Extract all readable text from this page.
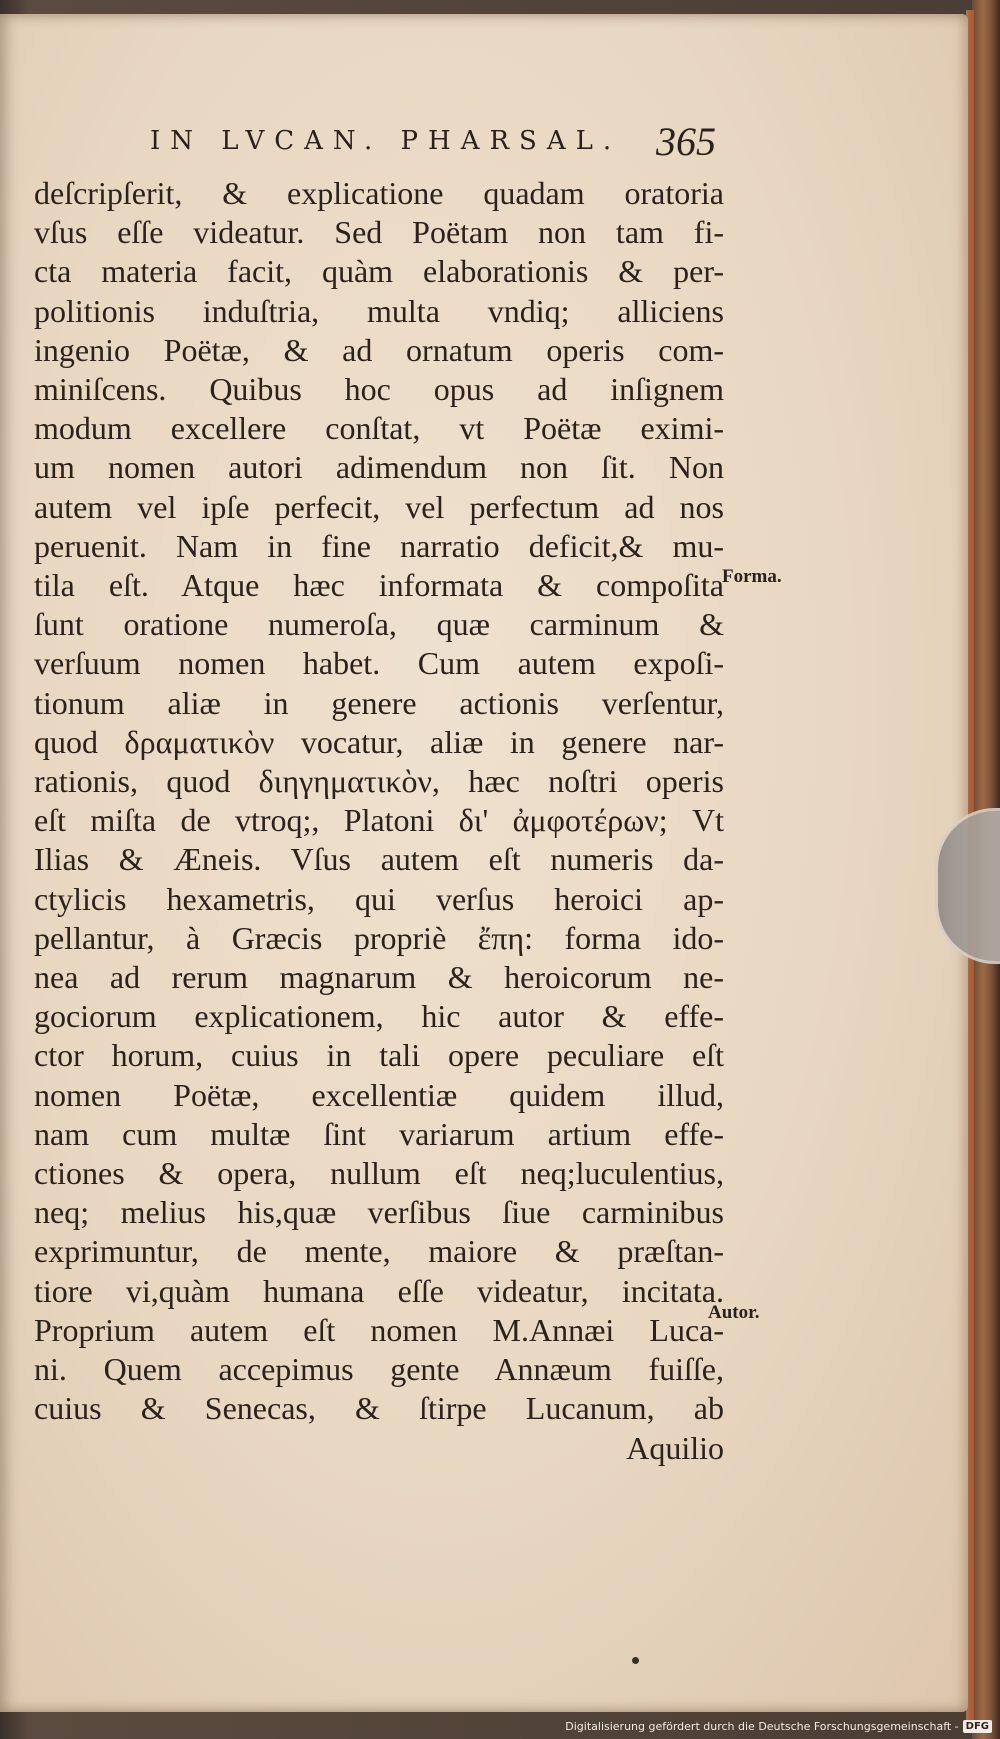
IN LVCAN. PHARSAL. 365
deſcripſerit, & explicatione quadam oratoria
vſus eſſe videatur. Sed Poëtam non tam fi-
cta materia facit, quàm elaborationis & per-
politionis induſtria, multa vndiq; alliciens
ingenio Poëtæ, & ad ornatum operis com-
miniſcens. Quibus hoc opus ad inſignem
modum excellere conſtat, vt Poëtæ eximi-
um nomen autori adimendum non ſit. Non
autem vel ipſe perfecit, vel perfectum ad nos
peruenit. Nam in fine narratio deficit,& mu-
tila eſt. Atque hæc informata & compoſita
ſunt oratione numeroſa, quæ carminum &
verſuum nomen habet. Cum autem expoſi-
tionum aliæ in genere actionis verſentur,
quod δραματικὸν vocatur, aliæ in genere nar-
rationis, quod διηγηματικὸν, hæc noſtri operis
eſt miſta de vtroq;, Platoni δι' ἀμφοτέρων; Vt
Ilias & Æneis. Vſus autem eſt numeris da-
ctylicis hexametris, qui verſus heroici ap-
pellantur, à Græcis propriè ἔπη: forma ido-
nea ad rerum magnarum & heroicorum ne-
gociorum explicationem, hic autor & effe-
ctor horum, cuius in tali opere peculiare eſt
nomen Poëtæ, excellentiæ quidem illud,
nam cum multæ ſint variarum artium effe-
ctiones & opera, nullum eſt neq;luculentius,
neq; melius his,quæ verſibus ſiue carminibus
exprimuntur, de mente, maiore & præſtan-
tiore vi,quàm humana eſſe videatur, incitata.
Proprium autem eſt nomen M.Annæi Luca-
ni. Quem accepimus gente Annæum fuiſſe,
cuius & Senecas, & ſtirpe Lucanum, ab
Aquilio
Forma.
Autor.
Digitalisierung gefördert durch die Deutsche Forschungsgemeinschaft - DFG
